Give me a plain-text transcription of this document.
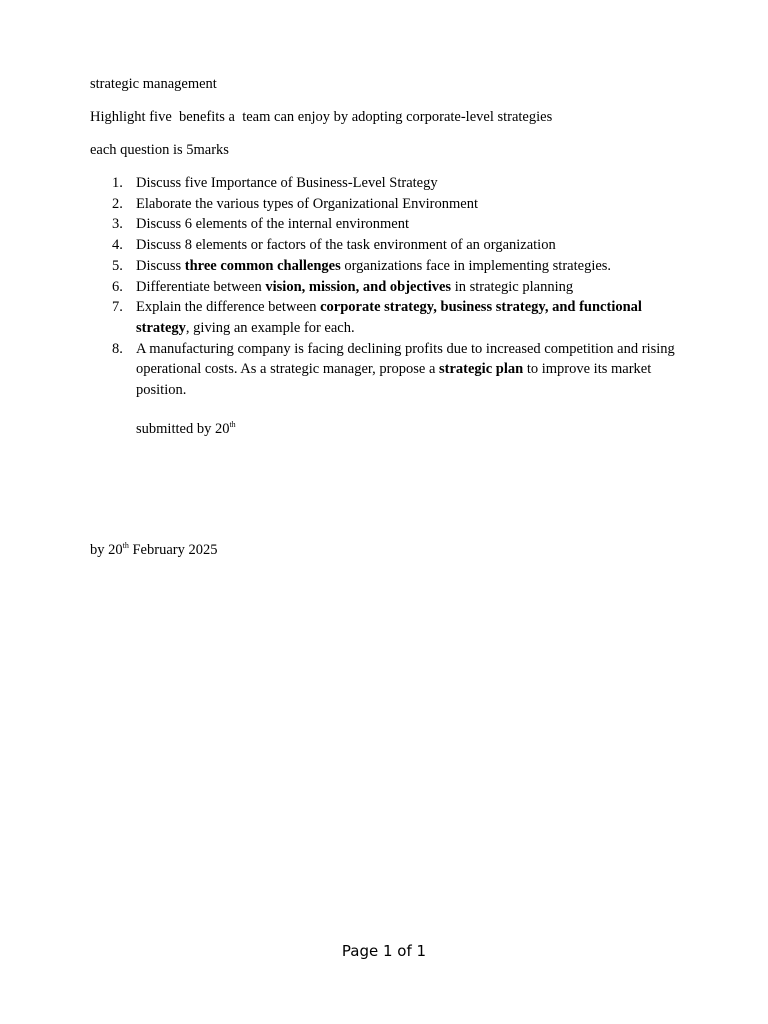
strategic management
Highlight five  benefits a  team can enjoy by adopting corporate-level strategies
each question is 5marks
1. Discuss five Importance of Business-Level Strategy
2. Elaborate the various types of Organizational Environment
3. Discuss 6 elements of the internal environment
4. Discuss 8 elements or factors of the task environment of an organization
5. Discuss three common challenges organizations face in implementing strategies.
6. Differentiate between vision, mission, and objectives in strategic planning
7. Explain the difference between corporate strategy, business strategy, and functional strategy, giving an example for each.
8. A manufacturing company is facing declining profits due to increased competition and rising operational costs. As a strategic manager, propose a strategic plan to improve its market position.
submitted by 20th
by 20th February 2025
Page 1 of 1
